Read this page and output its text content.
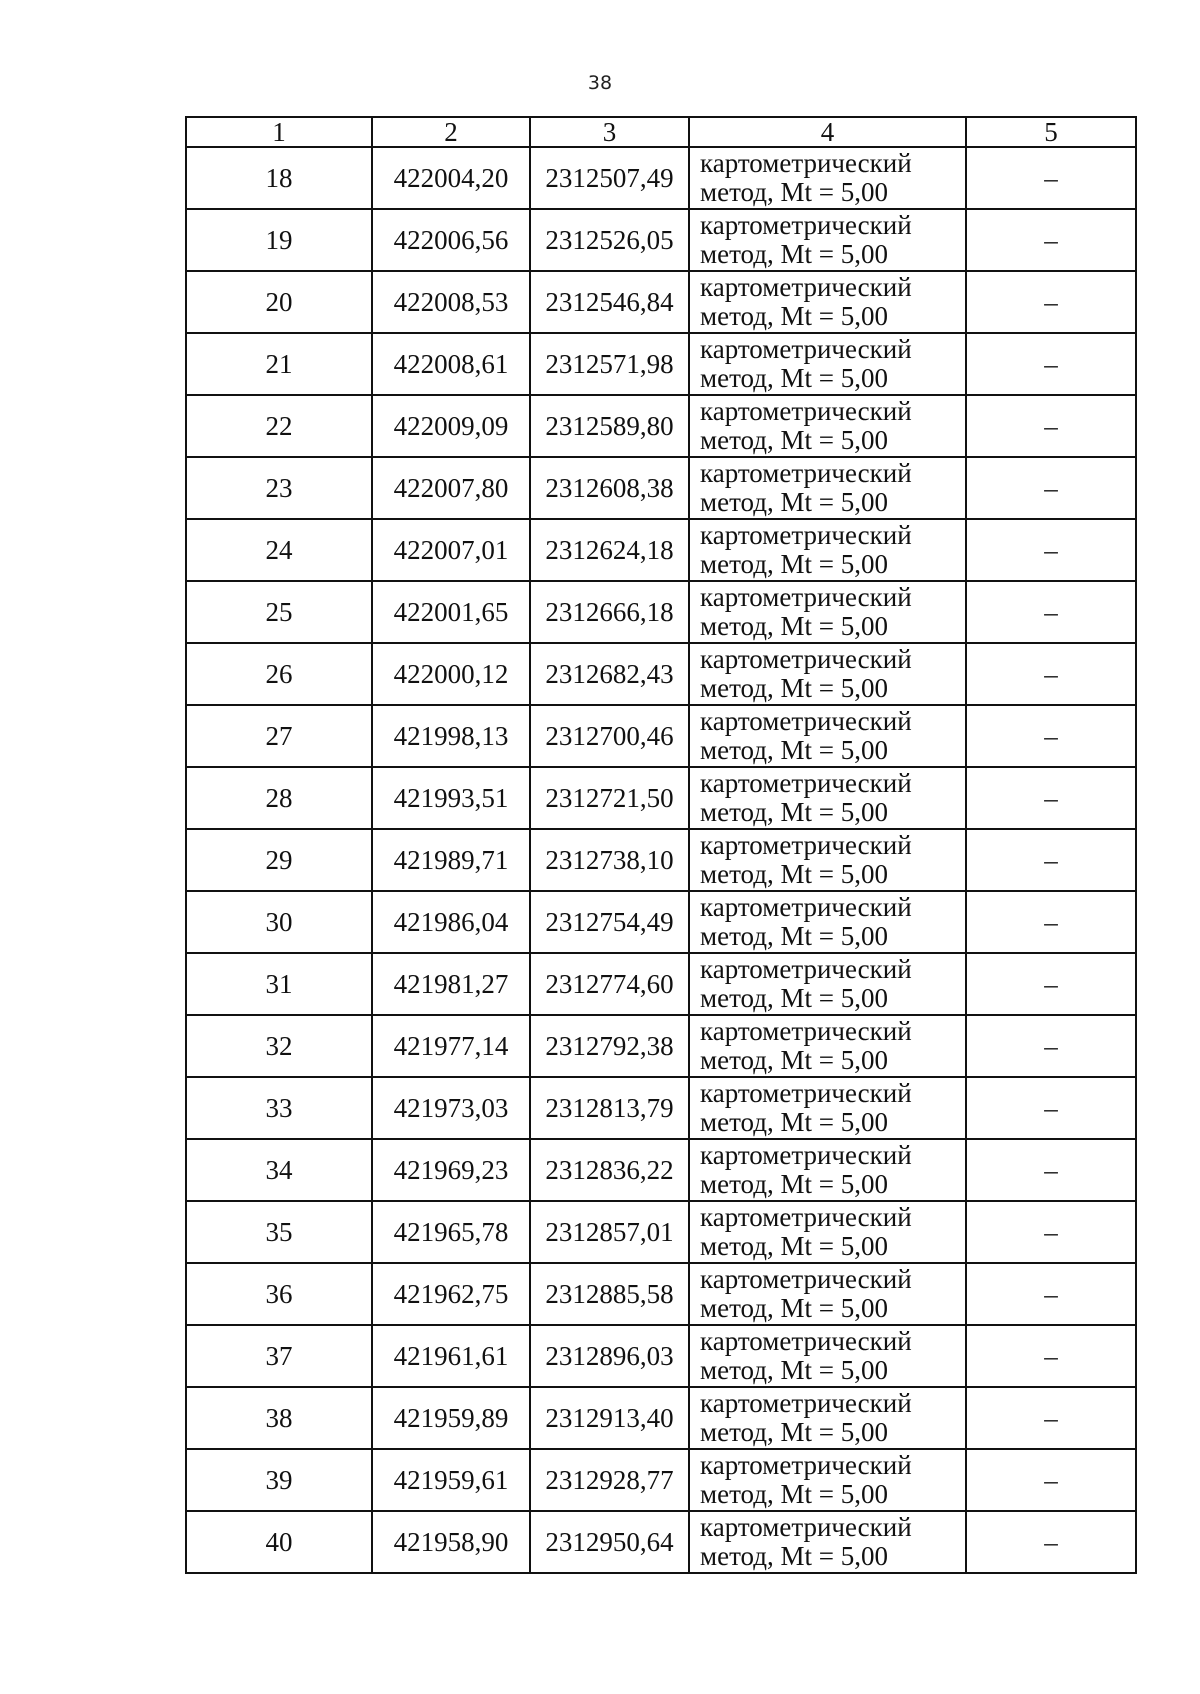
38
1	2	3	4	5
18	422004,20	2312507,49	картометрический
метод, Mt = 5,00	–
19	422006,56	2312526,05	картометрический
метод, Mt = 5,00	–
20	422008,53	2312546,84	картометрический
метод, Mt = 5,00	–
21	422008,61	2312571,98	картометрический
метод, Mt = 5,00	–
22	422009,09	2312589,80	картометрический
метод, Mt = 5,00	–
23	422007,80	2312608,38	картометрический
метод, Mt = 5,00	–
24	422007,01	2312624,18	картометрический
метод, Mt = 5,00	–
25	422001,65	2312666,18	картометрический
метод, Mt = 5,00	–
26	422000,12	2312682,43	картометрический
метод, Mt = 5,00	–
27	421998,13	2312700,46	картометрический
метод, Mt = 5,00	–
28	421993,51	2312721,50	картометрический
метод, Mt = 5,00	–
29	421989,71	2312738,10	картометрический
метод, Mt = 5,00	–
30	421986,04	2312754,49	картометрический
метод, Mt = 5,00	–
31	421981,27	2312774,60	картометрический
метод, Mt = 5,00	–
32	421977,14	2312792,38	картометрический
метод, Mt = 5,00	–
33	421973,03	2312813,79	картометрический
метод, Mt = 5,00	–
34	421969,23	2312836,22	картометрический
метод, Mt = 5,00	–
35	421965,78	2312857,01	картометрический
метод, Mt = 5,00	–
36	421962,75	2312885,58	картометрический
метод, Mt = 5,00	–
37	421961,61	2312896,03	картометрический
метод, Mt = 5,00	–
38	421959,89	2312913,40	картометрический
метод, Mt = 5,00	–
39	421959,61	2312928,77	картометрический
метод, Mt = 5,00	–
40	421958,90	2312950,64	картометрический
метод, Mt = 5,00	–
